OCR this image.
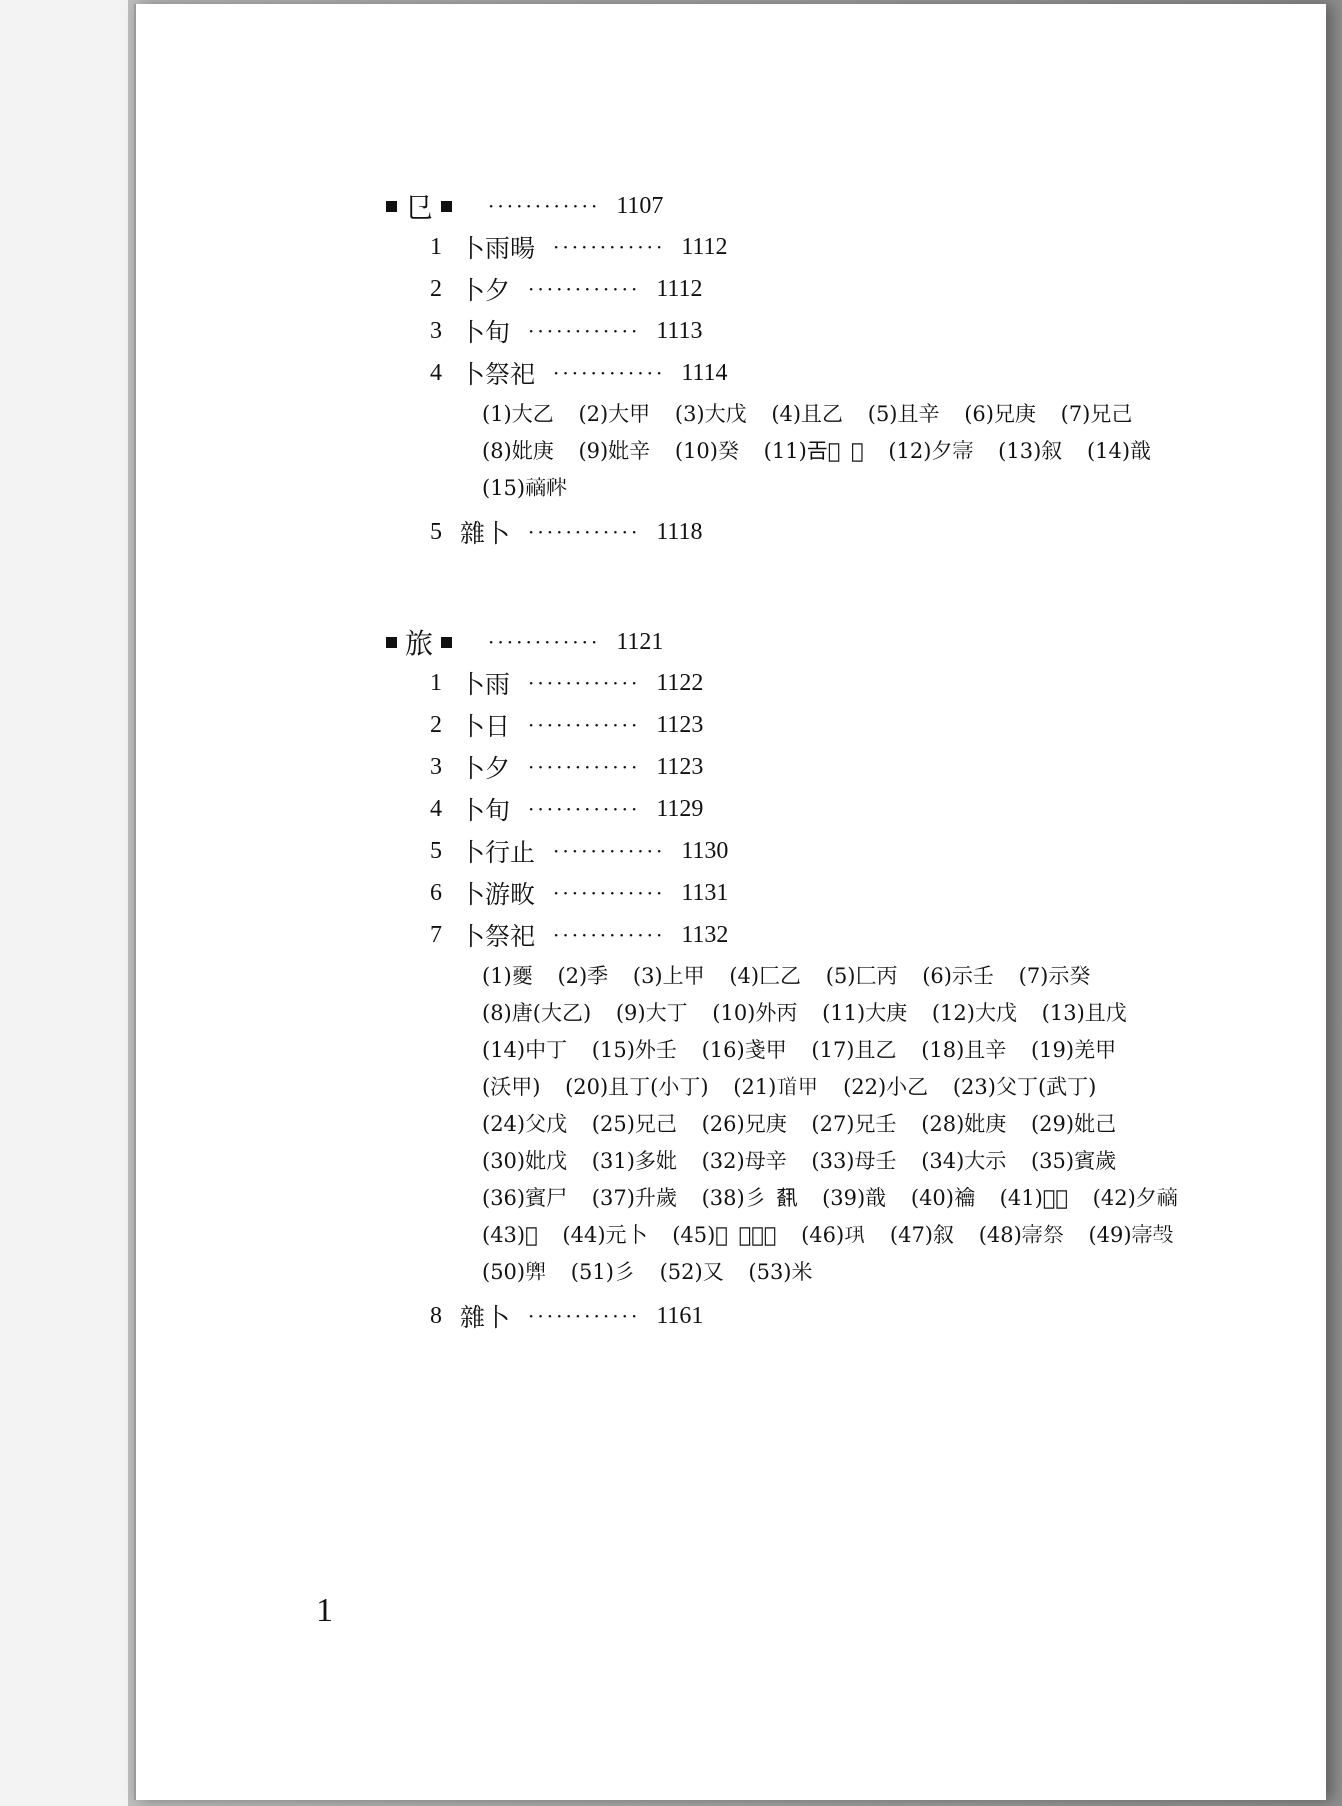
㔾	············ 1107
1 卜雨暘 ············ 1112
2 卜夕 ············ 1112
3 卜旬 ············ 1113
4 卜祭祀 ············ 1114
(1)大乙 (2)大甲 (3)大戊 (4)且乙 (5)且辛 (6)兄庚 (7)兄己 (8)妣庚 (9)妣辛 (10)癸 (11)𢀛𠇑 𥛚 (12)夕𡨦 (13)叙 (14)戠 (15)𥛚𥙏
5 雜卜 ············ 1118
旅	············ 1121
1 卜雨 ············ 1122
2 卜日 ············ 1123
3 卜夕 ············ 1123
4 卜旬 ············ 1129
5 卜行止 ············ 1130
6 卜游畋 ············ 1131
7 卜祭祀 ············ 1132
(1)夒 (2)季 (3)上甲 (4)匚乙 (5)匚丙 (6)示壬 (7)示癸 (8)唐(大乙) (9)大丁 (10)外丙 (11)大庚 (12)大戊 (13)且戊 (14)中丁 (15)外壬 (16)戔甲 (17)且乙 (18)且辛 (19)羌甲 (沃甲) (20)且丁(小丁) (21)𩠑甲 (22)小乙 (23)父丁(武丁) (24)父戊 (25)兄己 (26)兄庚 (27)兄壬 (28)妣庚 (29)妣己 (30)妣戊 (31)多妣 (32)母辛 (33)母壬 (34)大示 (35)賓歲 (36)賓尸 (37)升歲 (38)彡 𩛥 (39)戠 (40)禴 (41)𡧊𥛚 (42)夕𥛚 (43)𤜿 (44)元卜 (45)𠮦 用白牡 (46)𢀜 (47)叙 (48)𡨦祭 (49)𡨦𣪊 (50)𢍱 (51)彡 (52)又 (53)米
8 雜卜 ············ 1161
1
